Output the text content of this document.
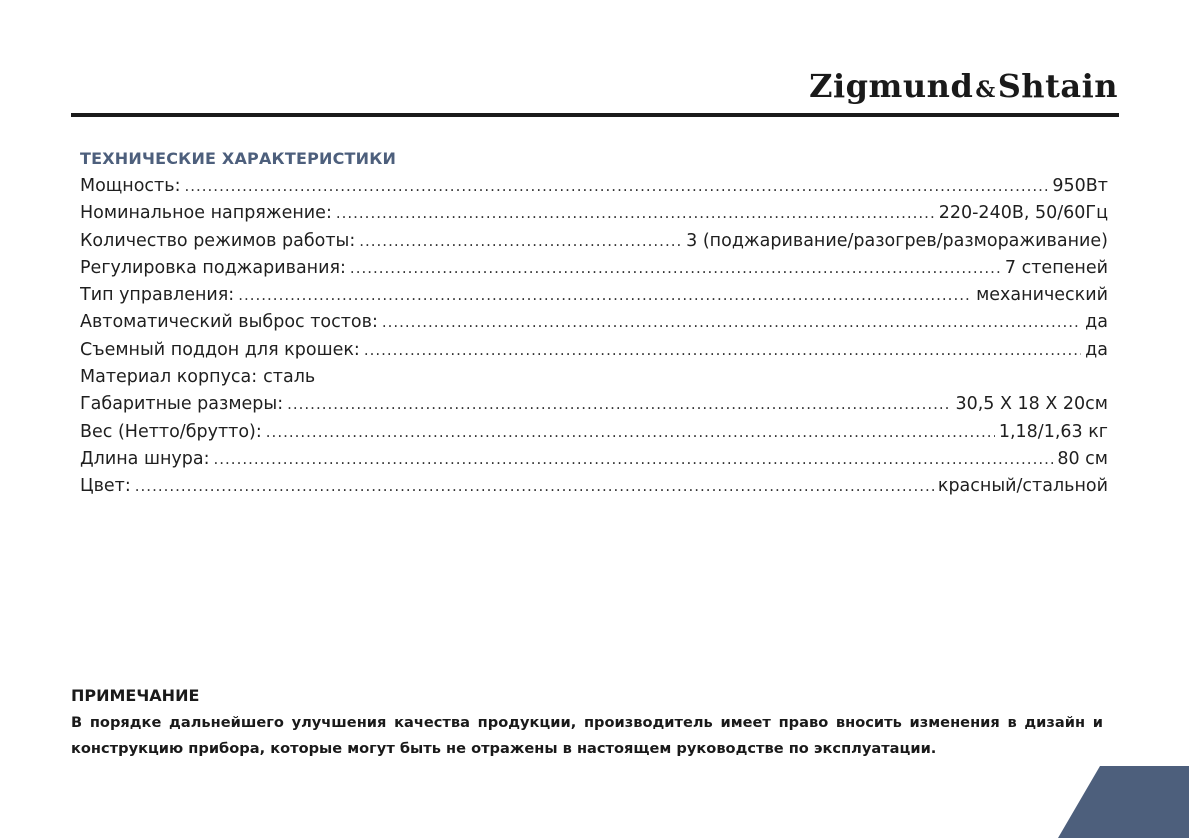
Zigmund&Shtain
ТЕХНИЧЕСКИЕ ХАРАКТЕРИСТИКИ
Мощность: .....	950Вт
Номинальное напряжение: .....	220-240В, 50/60Гц
Количество режимов работы: .....	3 (поджаривание/разогрев/размораживание)
Регулировка поджаривания: .....	7 степеней
Тип управления: .....	механический
Автоматический выброс тостов: .....	да
Съемный поддон для крошек: .....	да
Материал корпуса: сталь
Габаритные размеры: .....	30,5 Х 18 Х 20см
Вес (Нетто/брутто): .....	1,18/1,63 кг
Длина шнура: .....	80 см
Цвет: .....	красный/стальной
ПРИМЕЧАНИЕ
В порядке дальнейшего улучшения качества продукции, производитель имеет право вносить изменения в дизайн и конструкцию прибора, которые могут быть не отражены в настоящем руководстве по эксплуатации.
